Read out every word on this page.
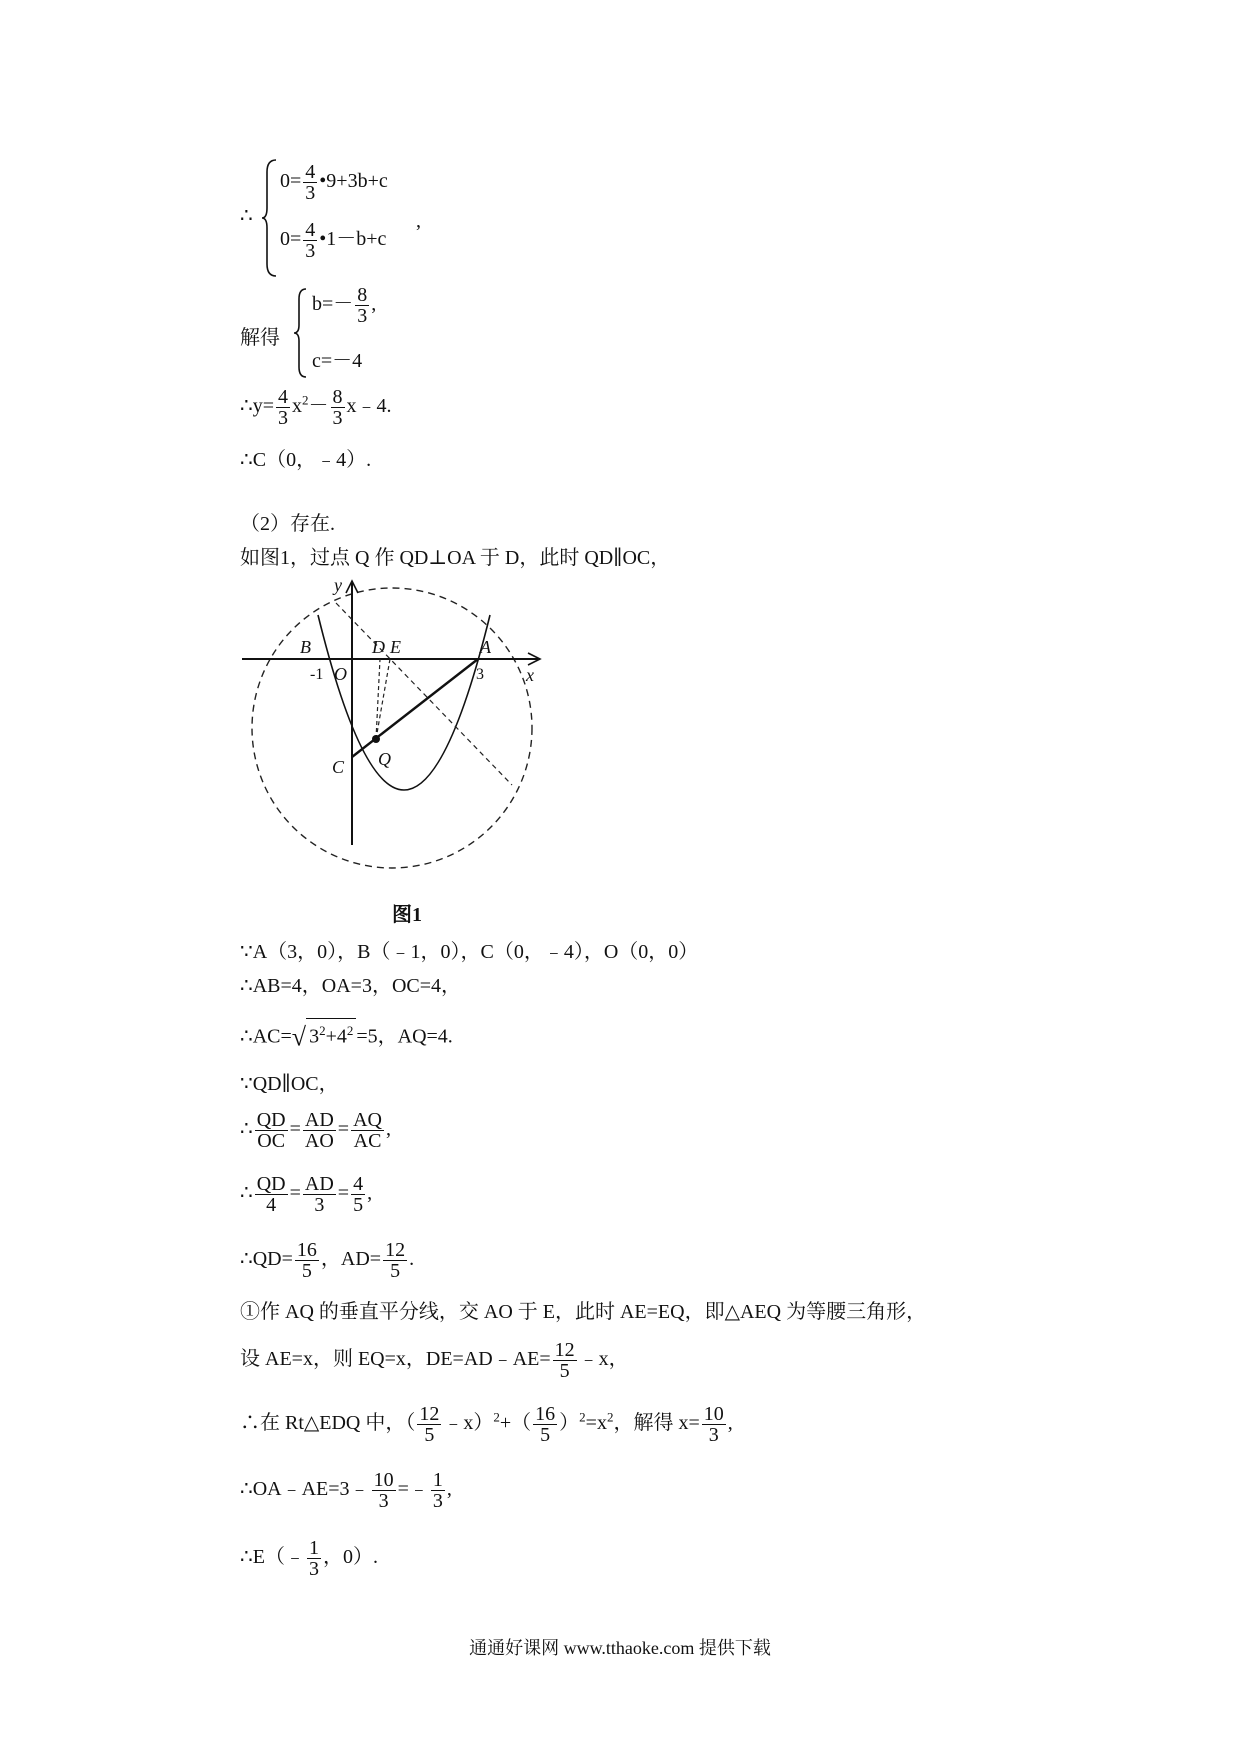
∴
$0= \frac{4}{3}$ •9+3b+c
$0= \frac{4}{3}$ •1－b+c
,
解得
$b=- \frac{8}{3}$ ,
c=－4
∴y= $\frac{4}{3} x^2- \frac{8}{3}$ x﹣4.
∴C（0，﹣4）.
（2）存在.
如图1，过点 Q 作 QD⊥OA 于 D，此时 QD∥OC，
y
x
B	D E	A
O
C Q
-1	3
图1
∵A（3，0），B（﹣1，0），C（0，﹣4），O（0，0）
∴AB=4，OA=3，OC=4，
∴AC=√ $3^2+4^2 =5$，AQ=4.
∵QD∥OC，
∴ $\frac{QD}{OC} = \frac{AD}{AO} = \frac{AQ}{AC}$ ,
∴ $\frac{QD}{4} = \frac{AD}{3} = \frac{4}{5}$ ,
∴QD= $\frac{16}{5}$ ，$AD= \frac{12}{5}$ .
①作 AQ 的垂直平分线，交 AO 于 E，此时 AE=EQ，即△AEQ 为等腰三角形，
设 AE=x，则 EQ=x，DE=AD﹣AE= $\frac{12}{5}$ ﹣x，
∴在 Rt△EDQ 中，（ $\frac{12}{5}$ ﹣x）$^2$+（ $\frac{16}{5} )^2=x^2$，解得 $x= \frac{10}{3}$ ,
∴OA﹣AE=3﹣ $\frac{10}{3}$ =﹣ $\frac{1}{3}$ ,
∴E（﹣ $\frac{1}{3}$ ，0）.
通通好课网 www.tthaoke.com 提供下载
